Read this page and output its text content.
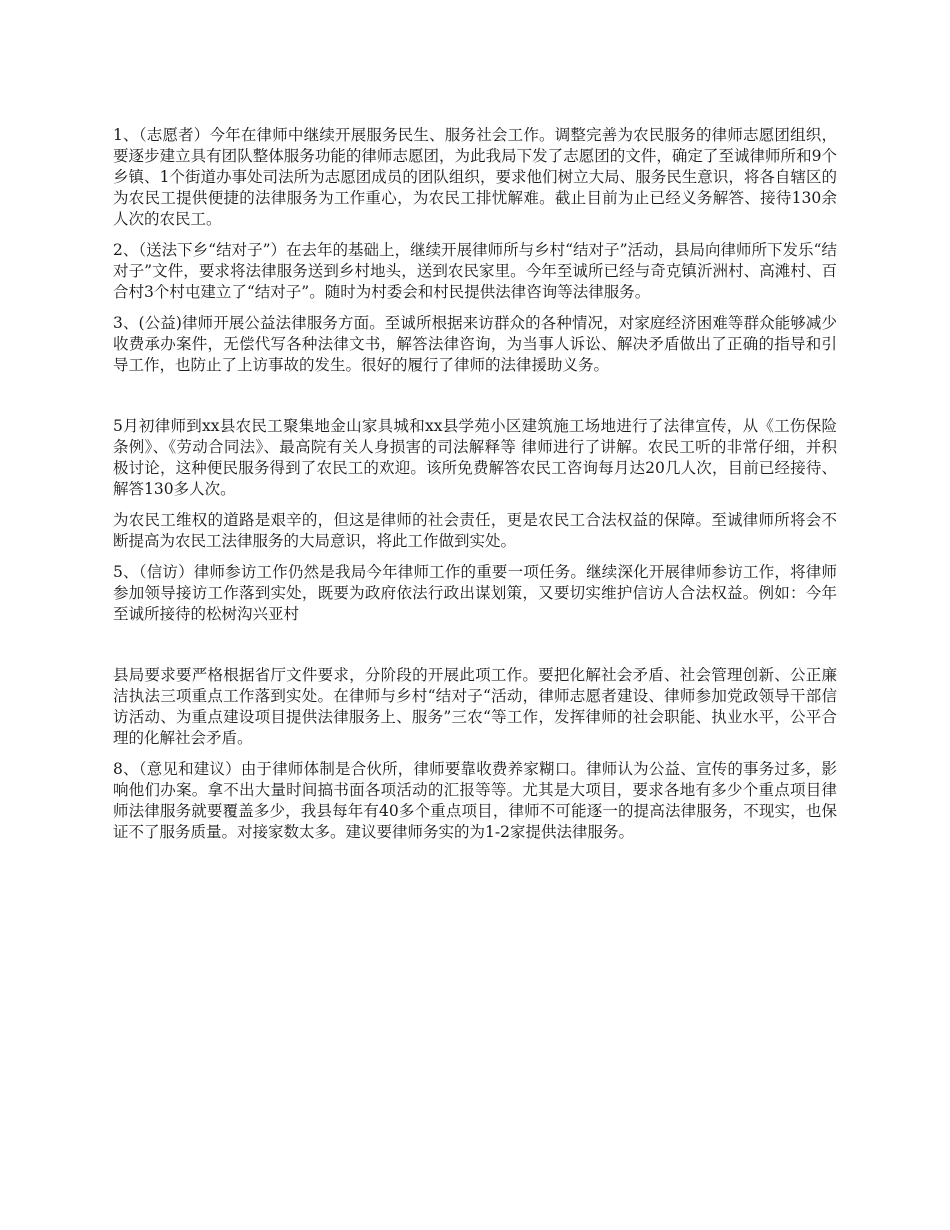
1、（志愿者）今年在律师中继续开展服务民生、服务社会工作。调整完善为农民服务的律师志愿团组织，要逐步建立具有团队整体服务功能的律师志愿团，为此我局下发了志愿团的文件，确定了至诚律师所和9个乡镇、1个街道办事处司法所为志愿团成员的团队组织，要求他们树立大局、服务民生意识，将各自辖区的为农民工提供便捷的法律服务为工作重心，为农民工排忧解难。截止目前为止已经义务解答、接待130余人次的农民工。

2、（送法下乡“结对子”）在去年的基础上，继续开展律师所与乡村“结对子”活动，县局向律师所下发乐“结对子”文件，要求将法律服务送到乡村地头，送到农民家里。今年至诚所已经与奇克镇沂洲村、高滩村、百合村3个村屯建立了“结对子”。随时为村委会和村民提供法律咨询等法律服务。

3、(公益)律师开展公益法律服务方面。至诚所根据来访群众的各种情况，对家庭经济困难等群众能够减少收费承办案件，无偿代写各种法律文书，解答法律咨询，为当事人诉讼、解决矛盾做出了正确的指导和引导工作，也防止了上访事故的发生。很好的履行了律师的法律援助义务。

5月初律师到xx县农民工聚集地金山家具城和xx县学苑小区建筑施工场地进行了法律宣传，从《工伤保险条例》、《劳动合同法》、最高院有关人身损害的司法解释等 律师进行了讲解。农民工听的非常仔细，并积极讨论，这种便民服务得到了农民工的欢迎。该所免费解答农民工咨询每月达20几人次，目前已经接待、解答130多人次。

为农民工维权的道路是艰辛的，但这是律师的社会责任，更是农民工合法权益的保障。至诚律师所将会不断提高为农民工法律服务的大局意识，将此工作做到实处。

5、（信访）律师参访工作仍然是我局今年律师工作的重要一项任务。继续深化开展律师参访工作，将律师参加领导接访工作落到实处，既要为政府依法行政出谋划策，又要切实维护信访人合法权益。例如：今年至诚所接待的松树沟兴亚村

县局要求要严格根据省厅文件要求，分阶段的开展此项工作。要把化解社会矛盾、社会管理创新、公正廉洁执法三项重点工作落到实处。在律师与乡村“结对子“活动，律师志愿者建设、律师参加党政领导干部信访活动、为重点建设项目提供法律服务上、服务”三农“等工作，发挥律师的社会职能、执业水平，公平合理的化解社会矛盾。

8、（意见和建议）由于律师体制是合伙所，律师要靠收费养家糊口。律师认为公益、宣传的事务过多，影响他们办案。拿不出大量时间搞书面各项活动的汇报等等。尤其是大项目，要求各地有多少个重点项目律师法律服务就要覆盖多少，我县每年有40多个重点项目，律师不可能逐一的提高法律服务，不现实，也保证不了服务质量。对接家数太多。建议要律师务实的为1-2家提供法律服务。
